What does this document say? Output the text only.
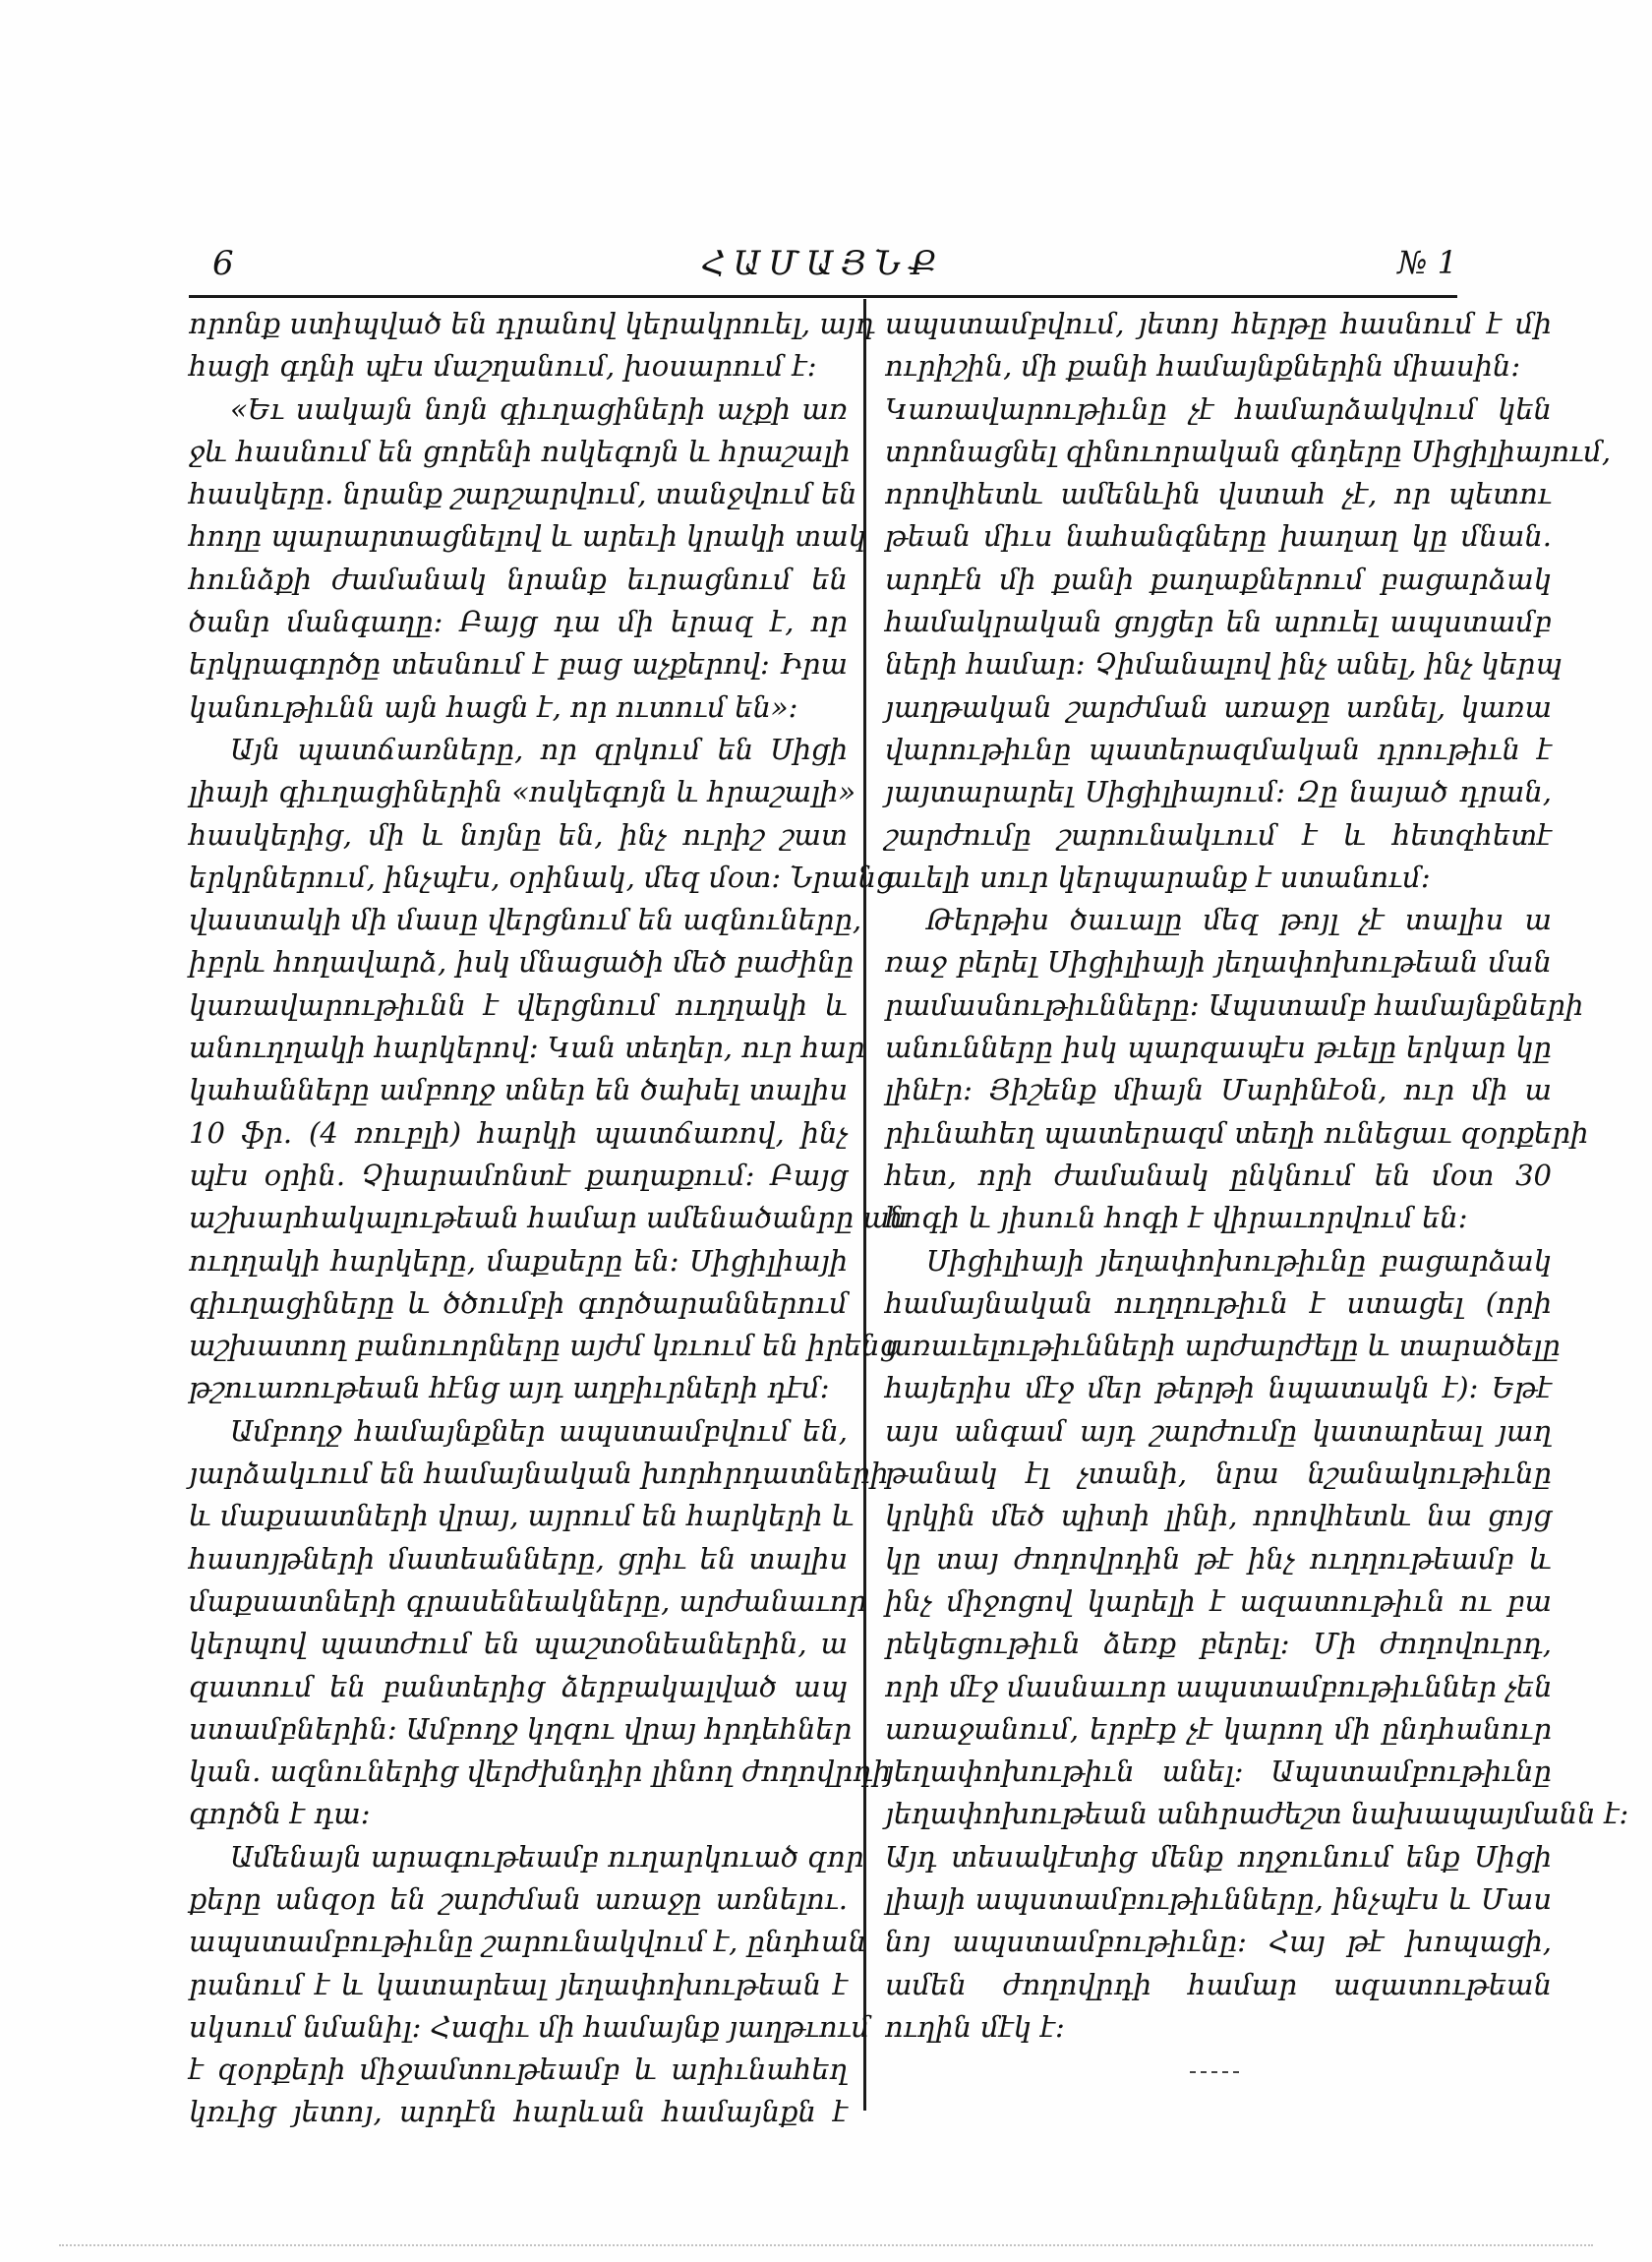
6	ՀԱՄԱՅՆՔ	№ 1

որոնք ստիպված են դրանով կերակրուել, այդ

հացի գդնի պէս մաշղանում, խօսարում է:

«Եւ սակայն նոյն գիւղացիների աչքի առ

ջև հասնում են ցորենի ոսկեգոյն և հրաշալի

հասկերը. նրանք շարշարվում, տանջվում են

հողը պարարտացնելով և արեւի կրակի տակ

հունձքի ժամանակ նրանք եւրացնում են

ծանր մանգաղը: Բայց դա մի երազ է, որ

երկրագործը տեսնում է բաց աչքերով: Իրա

կանութիւնն այն հացն է, որ ուտում են»:

Այն պատճառները, որ զրկում են Սիցի

լիայի գիւղացիներին «ոսկեգոյն և հրաշալի»

հասկերից, մի և նոյնը են, ինչ ուրիշ շատ

երկրներում, ինչպէս, օրինակ, մեզ մօտ: Նրանց

վաստակի մի մասը վերցնում են ազնուները,

իբրև հողավարձ, իսկ մնացածի մեծ բաժինը

կառավարութիւնն է վերցնում ուղղակի և

անուղղակի հարկերով: Կան տեղեր, ուր հար

կահանները ամբողջ տներ են ծախել տալիս

10 ֆր. (4 ռուբլի) հարկի պատճառով, ինչ

պէս օրին. Չիարամոնտէ քաղաքում: Բայց

աշխարհակալութեան համար ամենածանրը ան

ուղղակի հարկերը, մաքսերը են: Սիցիլիայի

գիւղացիները և ծծումբի գործարաններում

աշխատող բանուորները այժմ կռւում են իրենց

թշուառութեան հէնց այդ աղբիւրների դէմ:

Ամբողջ համայնքներ ապստամբվում են,

յարձակւում են համայնական խորհրդատների

և մաքսատների վրայ, այրում են հարկերի և

հասոյթների մատեանները, ցրիւ են տալիս

մաքսատների գրասենեակները, արժանաւոր

կերպով պատժում են պաշտօնեաներին, ա

զատում են բանտերից ձերբակալված ապ

ստամբներին: Ամբողջ կղզու վրայ հրդեհներ

կան. ազնուներից վերժխնդիր լինող ժողովրդի

գործն է դա:

Ամենայն արագութեամբ ուղարկուած զոր

քերը անզօր են շարժման առաջը առնելու.

ապստամբութիւնը շարունակվում է, ընդհան

րանում է և կատարեալ յեղափոխութեան է

սկսում նմանիլ: Հազիւ մի համայնք յաղթւում

է զօրքերի միջամտութեամբ և արիւնահեղ

կռւից յետոյ, արդէն հարևան համայնքն է

ապստամբվում, յետոյ հերթը հասնում է մի

ուրիշին, մի քանի համայնքներին միասին:

Կառավարութիւնը չէ համարձակվում կեն

տրոնացնել զինուորական գնդերը Սիցիլիայում,

որովհետև ամենևին վստահ չէ, որ պետու

թեան միւս նահանգները խաղաղ կը մնան.

արդէն մի քանի քաղաքներում բացարձակ

համակրական ցոյցեր են արուել ապստամբ

ների համար: Չիմանալով ինչ անել, ինչ կերպ

յաղթական շարժման առաջը առնել, կառա

վարութիւնը պատերազմական դրութիւն է

յայտարարել Սիցիլիայում: Զը նայած դրան,

շարժումը շարունակւում է և հետզհետէ

աւելի սուր կերպարանք է ստանում:

Թերթիս ծաւալը մեզ թոյլ չէ տալիս ա

ռաջ բերել Սիցիլիայի յեղափոխութեան ման

րամասնութիւնները: Ապստամբ համայնքների

անունները իսկ պարզապէս թւելը երկար կը

լինէր: Յիշենք միայն Մարինէօն, ուր մի ա

րիւնահեղ պատերազմ տեղի ունեցաւ զօրքերի

հետ, որի ժամանակ ընկնում են մօտ 30

հոգի և յիսուն հոգի է վիրաւորվում են:

Սիցիլիայի յեղափոխութիւնը բացարձակ

համայնական ուղղութիւն է ստացել (որի

առաւելութիւնների արժարժելը և տարածելը

հայերիս մէջ մեր թերթի նպատակն է): Եթէ

այս անգամ այդ շարժումը կատարեալ յաղ

թանակ էլ չտանի, նրա նշանակութիւնը

կրկին մեծ պիտի լինի, որովհետև նա ցոյց

կը տայ ժողովրդին թէ ինչ ուղղութեամբ և

ինչ միջոցով կարելի է ազատութիւն ու բա

րեկեցութիւն ձեռք բերել: Մի ժողովուրդ,

որի մէջ մասնաւոր ապստամբութիւններ չեն

առաջանում, երբէք չէ կարող մի ընդհանուր

յեղափոխութիւն անել: Ապստամբութիւնը

յեղափոխութեան անհրաժեշտ նախապայմանն է:

Այդ տեսակէտից մենք ողջունում ենք Սիցի

լիայի ապստամբութիւնները, ինչպէս և Մաս

նոյ ապստամբութիւնը: Հայ թէ խոպացի,

ամեն ժողովրդի համար ազատութեան

ուղին մէկ է:
